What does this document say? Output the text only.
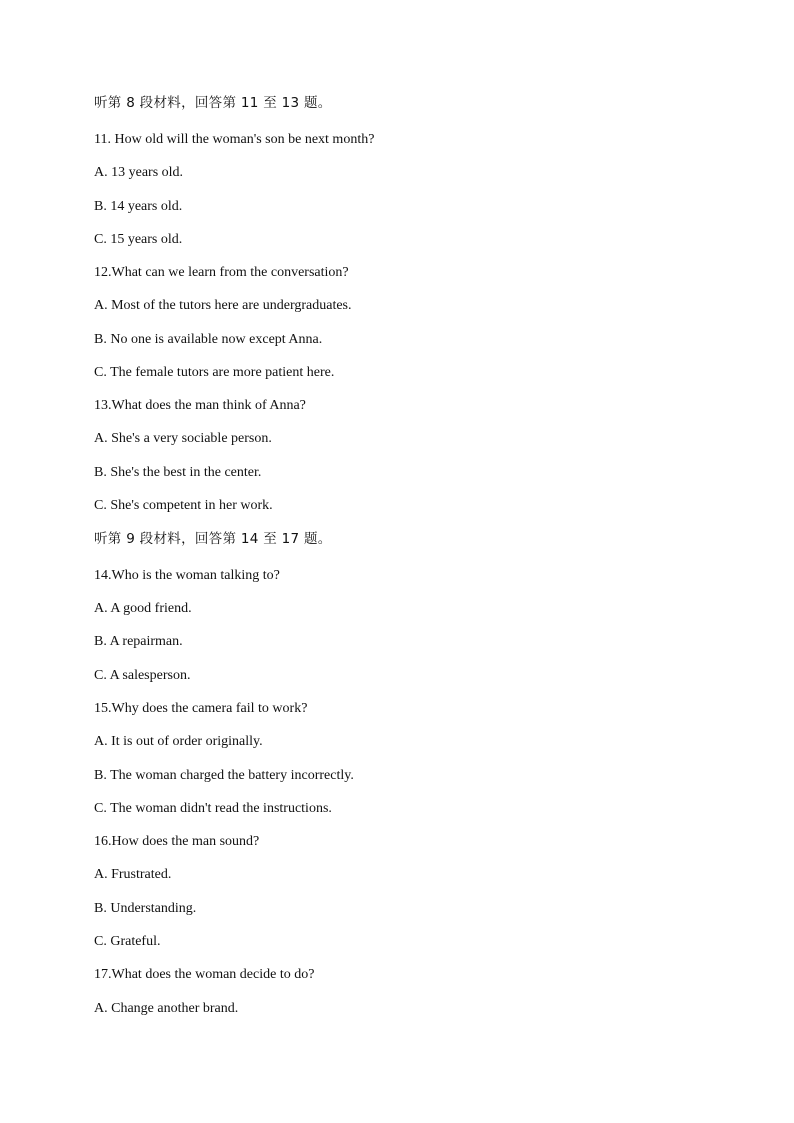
听第 8 段材料，回答第 11 至 13 题。
11. How old will the woman's son be next month?
A. 13 years old.
B. 14 years old.
C. 15 years old.
12.What can we learn from the conversation?
A. Most of the tutors here are undergraduates.
B. No one is available now except Anna.
C. The female tutors are more patient here.
13.What does the man think of Anna?
A. She's a very sociable person.
B. She's the best in the center.
C. She's competent in her work.
听第 9 段材料，回答第 14 至 17 题。
14.Who is the woman talking to?
A. A good friend.
B. A repairman.
C. A salesperson.
15.Why does the camera fail to work?
A. It is out of order originally.
B. The woman charged the battery incorrectly.
C. The woman didn't read the instructions.
16.How does the man sound?
A. Frustrated.
B. Understanding.
C. Grateful.
17.What does the woman decide to do?
A. Change another brand.
